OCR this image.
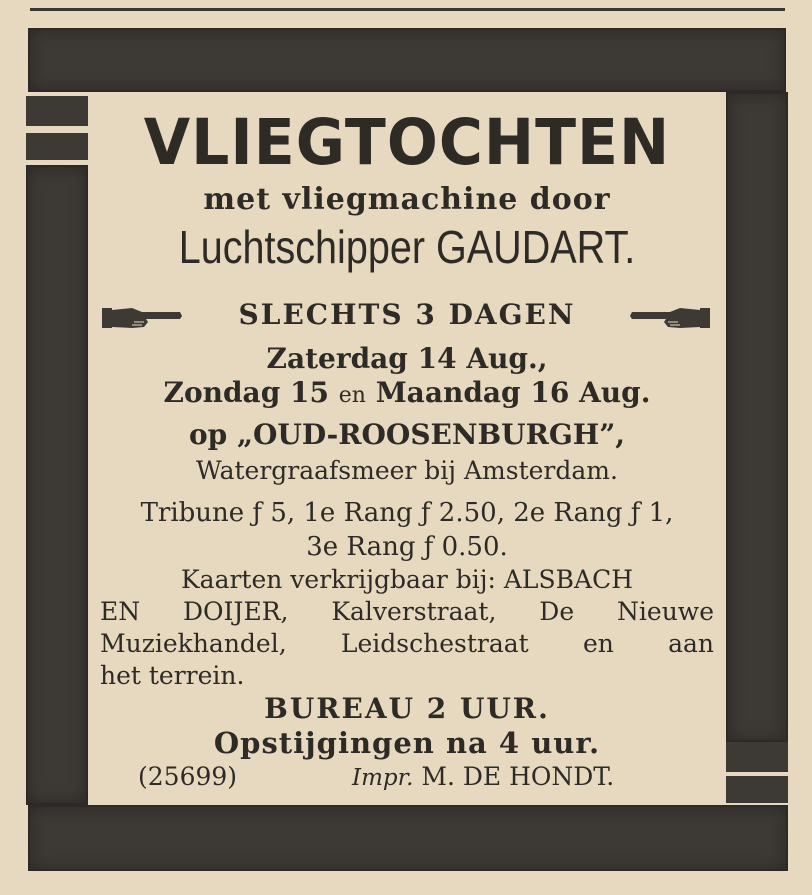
VLIEGTOCHTEN
met vliegmachine door
Luchtschipper GAUDART.
SLECHTS 3 DAGEN
Zaterdag 14 Aug.,
Zondag 15 en Maandag 16 Aug.
op „OUD-ROOSENBURGH”,
Watergraafsmeer bij Amsterdam.
Tribune ƒ 5, 1e Rang ƒ 2.50, 2e Rang ƒ 1,
3e Rang ƒ 0.50.
Kaarten verkrijgbaar bij: ALSBACH
EN DOIJER, Kalverstraat, De Nieuwe
Muziekhandel, Leidschestraat en aan
het terrein.
BUREAU 2 UUR.
Opstijgingen na 4 uur.
(25699)	Impr. M. DE HONDT.
